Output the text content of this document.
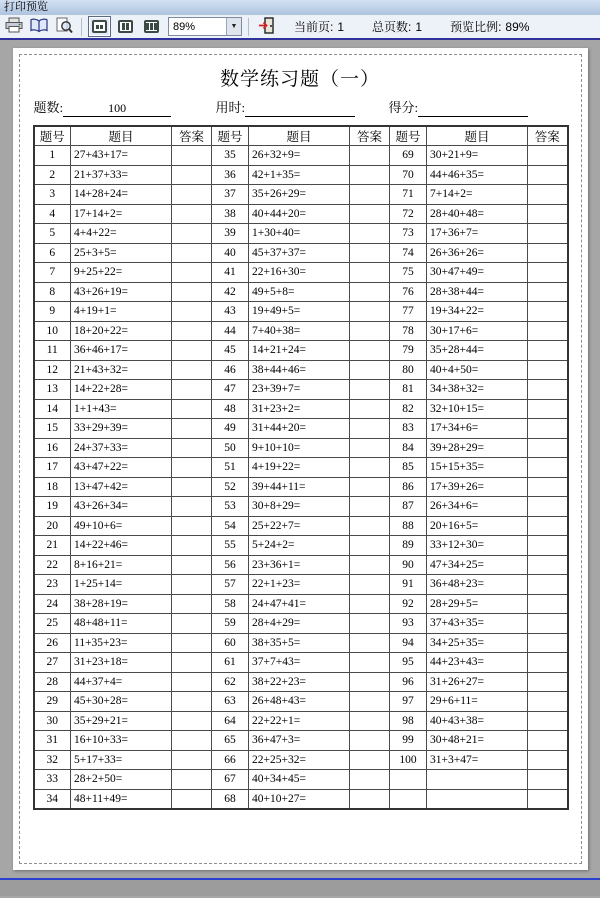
打印预览
89%	▼	当前页: 1 总页数: 1 预览比例: 89%
数学练习题（一）
题数:	100	用时:	得分:
题号	题目	答案	题号	题目	答案	题号	题目	答案
1	27+43+17=		35	26+32+9=		69	30+21+9=	
2	21+37+33=		36	42+1+35=		70	44+46+35=	
3	14+28+24=		37	35+26+29=		71	7+14+2=	
4	17+14+2=		38	40+44+20=		72	28+40+48=	
5	4+4+22=		39	1+30+40=		73	17+36+7=	
6	25+3+5=		40	45+37+37=		74	26+36+26=	
7	9+25+22=		41	22+16+30=		75	30+47+49=	
8	43+26+19=		42	49+5+8=		76	28+38+44=	
9	4+19+1=		43	19+49+5=		77	19+34+22=	
10	18+20+22=		44	7+40+38=		78	30+17+6=	
11	36+46+17=		45	14+21+24=		79	35+28+44=	
12	21+43+32=		46	38+44+46=		80	40+4+50=	
13	14+22+28=		47	23+39+7=		81	34+38+32=	
14	1+1+43=		48	31+23+2=		82	32+10+15=	
15	33+29+39=		49	31+44+20=		83	17+34+6=	
16	24+37+33=		50	9+10+10=		84	39+28+29=	
17	43+47+22=		51	4+19+22=		85	15+15+35=	
18	13+47+42=		52	39+44+11=		86	17+39+26=	
19	43+26+34=		53	30+8+29=		87	26+34+6=	
20	49+10+6=		54	25+22+7=		88	20+16+5=	
21	14+22+46=		55	5+24+2=		89	33+12+30=	
22	8+16+21=		56	23+36+1=		90	47+34+25=	
23	1+25+14=		57	22+1+23=		91	36+48+23=	
24	38+28+19=		58	24+47+41=		92	28+29+5=	
25	48+48+11=		59	28+4+29=		93	37+43+35=	
26	11+35+23=		60	38+35+5=		94	34+25+35=	
27	31+23+18=		61	37+7+43=		95	44+23+43=	
28	44+37+4=		62	38+22+23=		96	31+26+27=	
29	45+30+28=		63	26+48+43=		97	29+6+11=	
30	35+29+21=		64	22+22+1=		98	40+43+38=	
31	16+10+33=		65	36+47+3=		99	30+48+21=	
32	5+17+33=		66	22+25+32=		100	31+3+47=	
33	28+2+50=		67	40+34+45=				
34	48+11+49=		68	40+10+27=				
